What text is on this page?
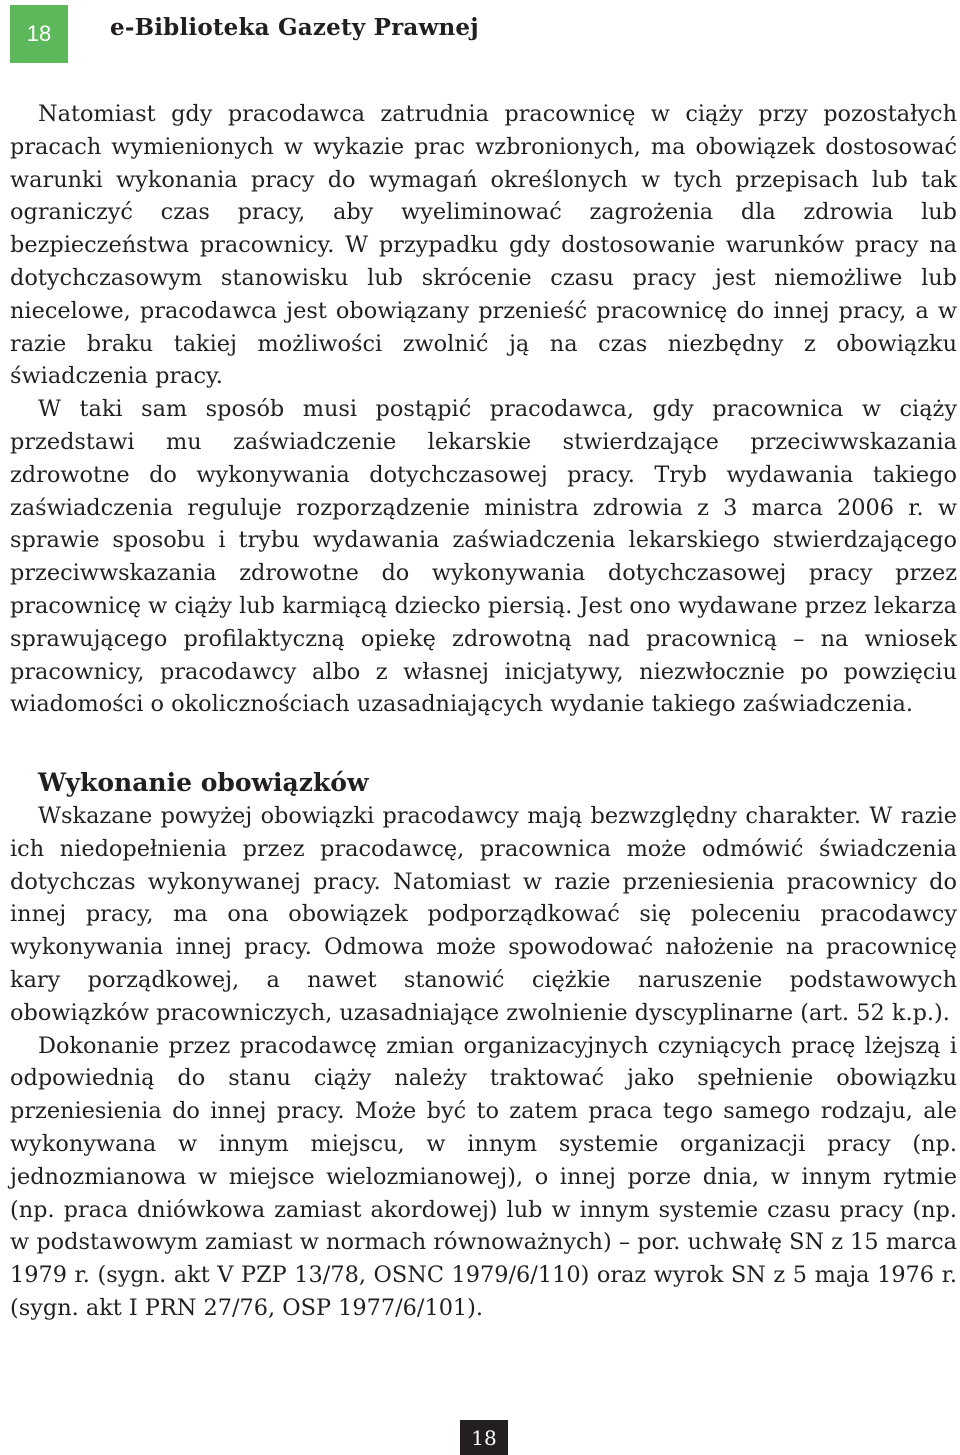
18	e-Biblioteka Gazety Prawnej

Natomiast gdy pracodawca zatrudnia pracownicę w ciąży przy pozostałych pracach wymienionych w wykazie prac wzbronionych, ma obowiązek dostosować warunki wykonania pracy do wymagań określonych w tych przepisach lub tak ograniczyć czas pracy, aby wyeliminować zagrożenia dla zdrowia lub bezpieczeństwa pracownicy. W przypadku gdy dostosowanie warunków pracy na dotychczasowym stanowisku lub skrócenie czasu pracy jest niemożliwe lub niecelowe, pracodawca jest obowiązany przenieść pracownicę do innej pracy, a w razie braku takiej możliwości zwolnić ją na czas niezbędny z obowiązku świadczenia pracy.

W taki sam sposób musi postąpić pracodawca, gdy pracownica w ciąży przedstawi mu zaświadczenie lekarskie stwierdzające przeciwwskazania zdrowotne do wykonywania dotychczasowej pracy. Tryb wydawania takiego zaświadczenia reguluje rozporządzenie ministra zdrowia z 3 marca 2006 r. w sprawie sposobu i trybu wydawania zaświadczenia lekarskiego stwierdzającego przeciwwskazania zdrowotne do wykonywania dotychczasowej pracy przez pracownicę w ciąży lub karmiącą dziecko piersią. Jest ono wydawane przez lekarza sprawującego profilaktyczną opiekę zdrowotną nad pracownicą – na wniosek pracownicy, pracodawcy albo z własnej inicjatywy, niezwłocznie po powzięciu wiadomości o okolicznościach uzasadniających wydanie takiego zaświadczenia.

Wykonanie obowiązków

Wskazane powyżej obowiązki pracodawcy mają bezwzględny charakter. W razie ich niedopełnienia przez pracodawcę, pracownica może odmówić świadczenia dotychczas wykonywanej pracy. Natomiast w razie przeniesienia pracownicy do innej pracy, ma ona obowiązek podporządkować się poleceniu pracodawcy wykonywania innej pracy. Odmowa może spowodować nałożenie na pracownicę kary porządkowej, a nawet stanowić ciężkie naruszenie podstawowych obowiązków pracowniczych, uzasadniające zwolnienie dyscyplinarne (art. 52 k.p.).

Dokonanie przez pracodawcę zmian organizacyjnych czyniących pracę lżejszą i odpowiednią do stanu ciąży należy traktować jako spełnienie obowiązku przeniesienia do innej pracy. Może być to zatem praca tego samego rodzaju, ale wykonywana w innym miejscu, w innym systemie organizacji pracy (np. jednozmianowa w miejsce wielozmianowej), o innej porze dnia, w innym rytmie (np. praca dniówkowa zamiast akordowej) lub w innym systemie czasu pracy (np. w podstawowym zamiast w normach równoważnych) – por. uchwałę SN z 15 marca 1979 r. (sygn. akt V PZP 13/78, OSNC 1979/6/110) oraz wyrok SN z 5 maja 1976 r. (sygn. akt I PRN 27/76, OSP 1977/6/101).

18
